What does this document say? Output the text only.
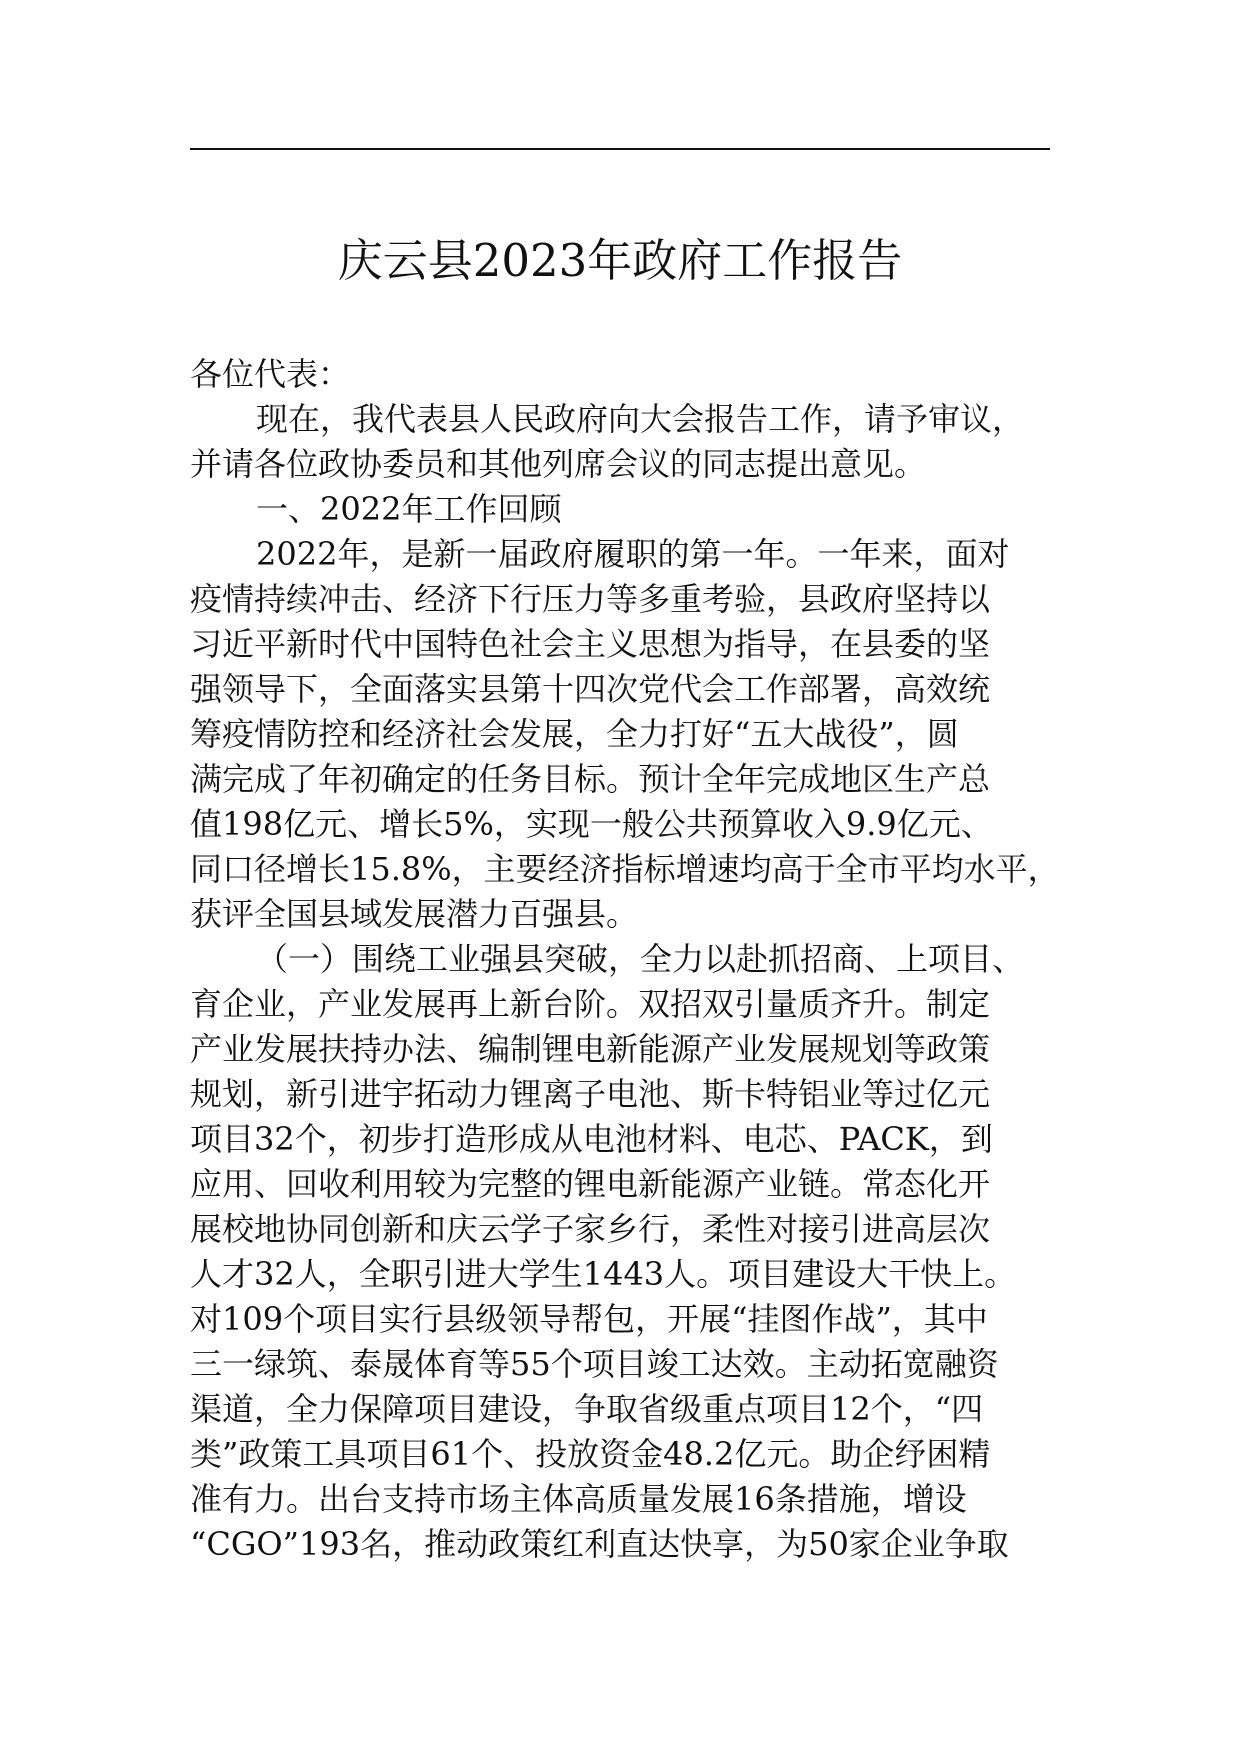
庆云县2023年政府工作报告
各位代表：
现在，我代表县人民政府向大会报告工作，请予审议，
并请各位政协委员和其他列席会议的同志提出意见。
一、2022年工作回顾
2022年，是新一届政府履职的第一年。一年来，面对
疫情持续冲击、经济下行压力等多重考验，县政府坚持以
习近平新时代中国特色社会主义思想为指导，在县委的坚
强领导下，全面落实县第十四次党代会工作部署，高效统
筹疫情防控和经济社会发展，全力打好“五大战役”，圆
满完成了年初确定的任务目标。预计全年完成地区生产总
值198亿元、增长5%，实现一般公共预算收入9.9亿元、
同口径增长15.8%，主要经济指标增速均高于全市平均水平，
获评全国县域发展潜力百强县。
（一）围绕工业强县突破，全力以赴抓招商、上项目、
育企业，产业发展再上新台阶。双招双引量质齐升。制定
产业发展扶持办法、编制锂电新能源产业发展规划等政策
规划，新引进宇拓动力锂离子电池、斯卡特铝业等过亿元
项目32个，初步打造形成从电池材料、电芯、PACK，到
应用、回收利用较为完整的锂电新能源产业链。常态化开
展校地协同创新和庆云学子家乡行，柔性对接引进高层次
人才32人，全职引进大学生1443人。项目建设大干快上。
对109个项目实行县级领导帮包，开展“挂图作战”，其中
三一绿筑、泰晟体育等55个项目竣工达效。主动拓宽融资
渠道，全力保障项目建设，争取省级重点项目12个，“四
类”政策工具项目61个、投放资金48.2亿元。助企纾困精
准有力。出台支持市场主体高质量发展16条措施，增设
“CGO”193名，推动政策红利直达快享，为50家企业争取
